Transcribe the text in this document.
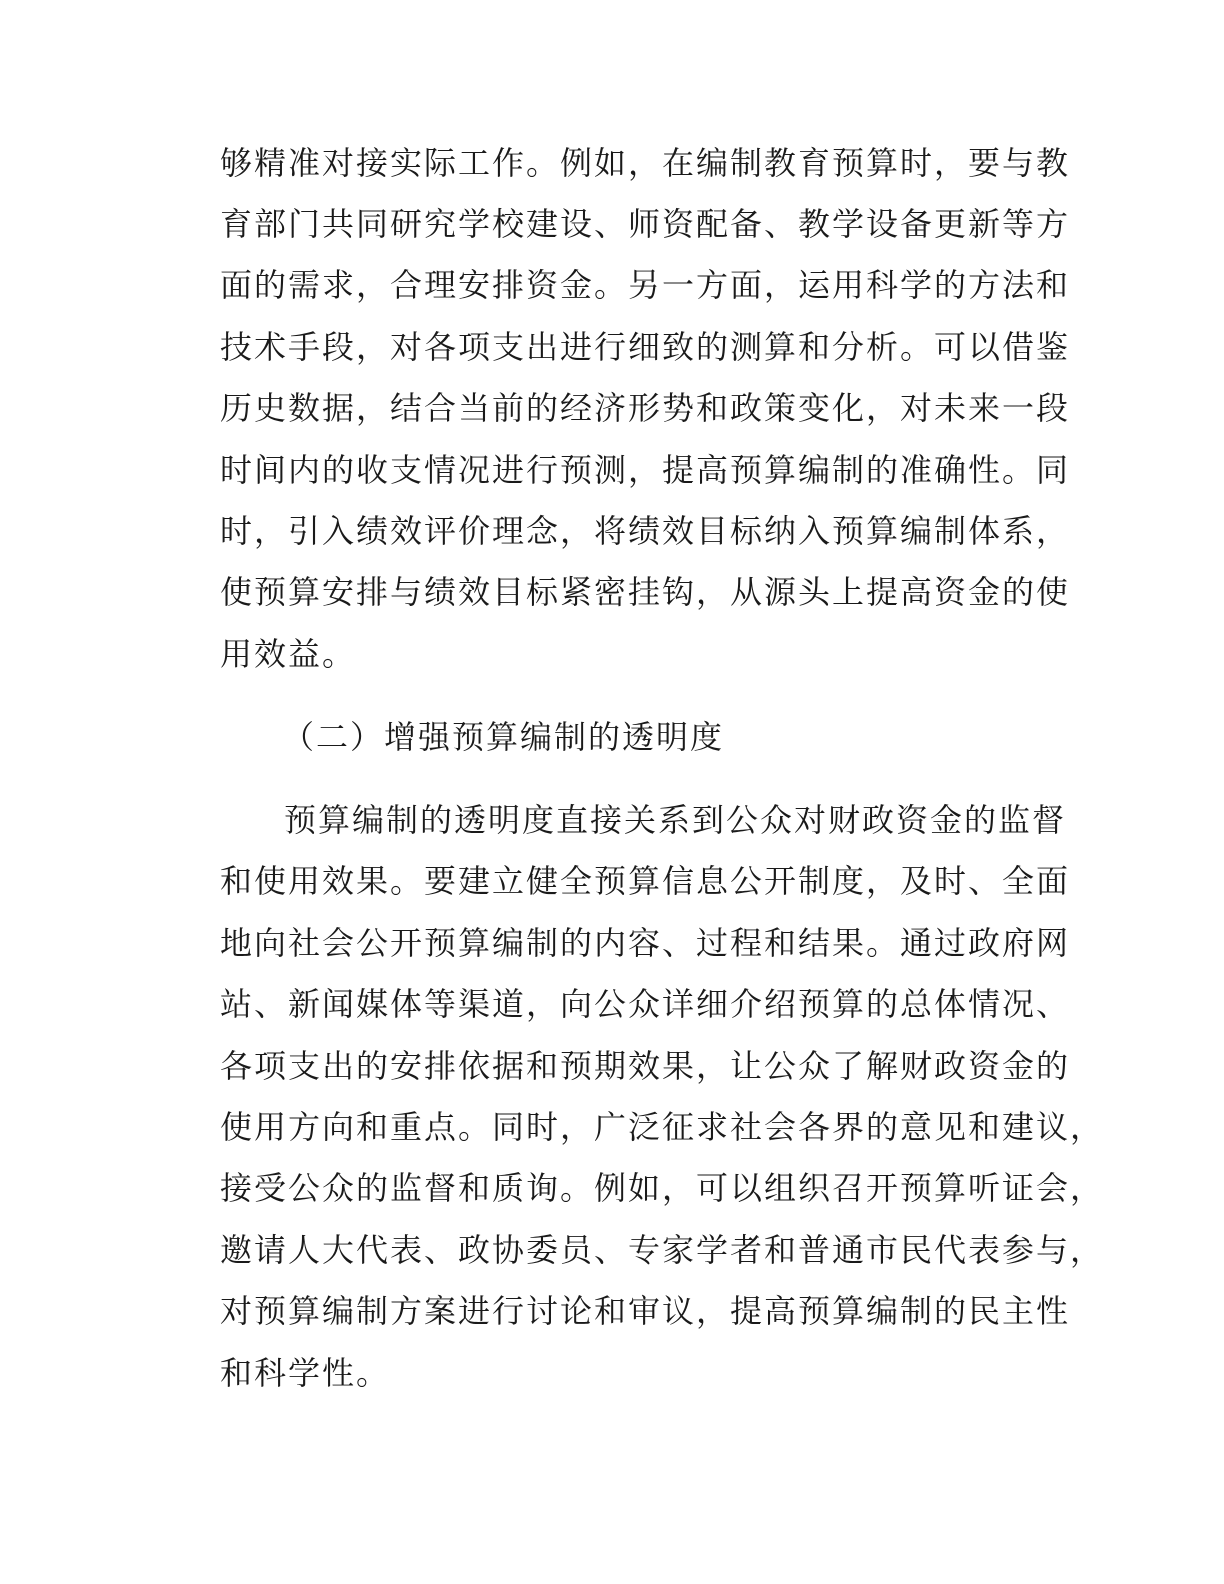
够精准对接实际工作。例如，在编制教育预算时，要与教
育部门共同研究学校建设、师资配备、教学设备更新等方
面的需求，合理安排资金。另一方面，运用科学的方法和
技术手段，对各项支出进行细致的测算和分析。可以借鉴
历史数据，结合当前的经济形势和政策变化，对未来一段
时间内的收支情况进行预测，提高预算编制的准确性。同
时，引入绩效评价理念，将绩效目标纳入预算编制体系，
使预算安排与绩效目标紧密挂钩，从源头上提高资金的使
用效益。
（二）增强预算编制的透明度
预算编制的透明度直接关系到公众对财政资金的监督
和使用效果。要建立健全预算信息公开制度，及时、全面
地向社会公开预算编制的内容、过程和结果。通过政府网
站、新闻媒体等渠道，向公众详细介绍预算的总体情况、
各项支出的安排依据和预期效果，让公众了解财政资金的
使用方向和重点。同时，广泛征求社会各界的意见和建议，
接受公众的监督和质询。例如，可以组织召开预算听证会，
邀请人大代表、政协委员、专家学者和普通市民代表参与，
对预算编制方案进行讨论和审议，提高预算编制的民主性
和科学性。
